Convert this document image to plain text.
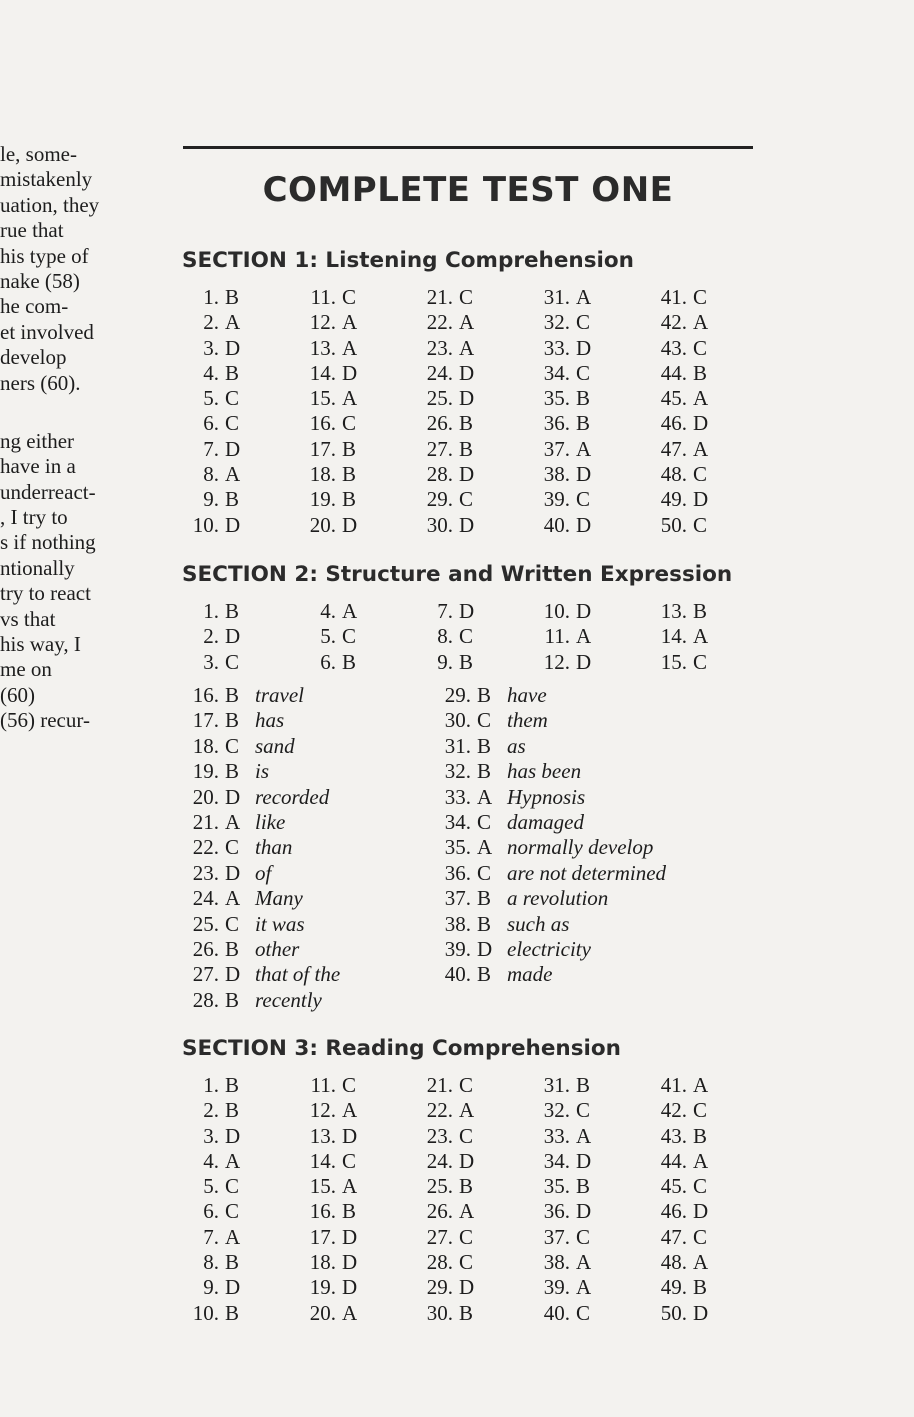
le, some-
mistakenly
uation, they
rue that
his type of
nake (58)
he com-
et involved
develop
ners (60).
ng either
have in a
underreact-
, I try to
s if nothing
ntionally
try to react
vs that
his way, I
me on
(60)
(56) recur-
COMPLETE TEST ONE
SECTION 1: Listening Comprehension
1. B
2. A
3. D
4. B
5. C
6. C
7. D
8. A
9. B
10. D
11. C
12. A
13. A
14. D
15. A
16. C
17. B
18. B
19. B
20. D
21. C
22. A
23. A
24. D
25. D
26. B
27. B
28. D
29. C
30. D
31. A
32. C
33. D
34. C
35. B
36. B
37. A
38. D
39. C
40. D
41. C
42. A
43. C
44. B
45. A
46. D
47. A
48. C
49. D
50. C
SECTION 2: Structure and Written Expression
1. B
2. D
3. C
4. A
5. C
6. B
7. D
8. C
9. B
10. D
11. A
12. D
13. B
14. A
15. C
16. B travel
17. B has
18. C sand
19. B is
20. D recorded
21. A like
22. C than
23. D of
24. A Many
25. C it was
26. B other
27. D that of the
28. B recently
29. B have
30. C them
31. B as
32. B has been
33. A Hypnosis
34. C damaged
35. A normally develop
36. C are not determined
37. B a revolution
38. B such as
39. D electricity
40. B made
SECTION 3: Reading Comprehension
1. B
2. B
3. D
4. A
5. C
6. C
7. A
8. B
9. D
10. B
11. C
12. A
13. D
14. C
15. A
16. B
17. D
18. D
19. D
20. A
21. C
22. A
23. C
24. D
25. B
26. A
27. C
28. C
29. D
30. B
31. B
32. C
33. A
34. D
35. B
36. D
37. C
38. A
39. A
40. C
41. A
42. C
43. B
44. A
45. C
46. D
47. C
48. A
49. B
50. D
